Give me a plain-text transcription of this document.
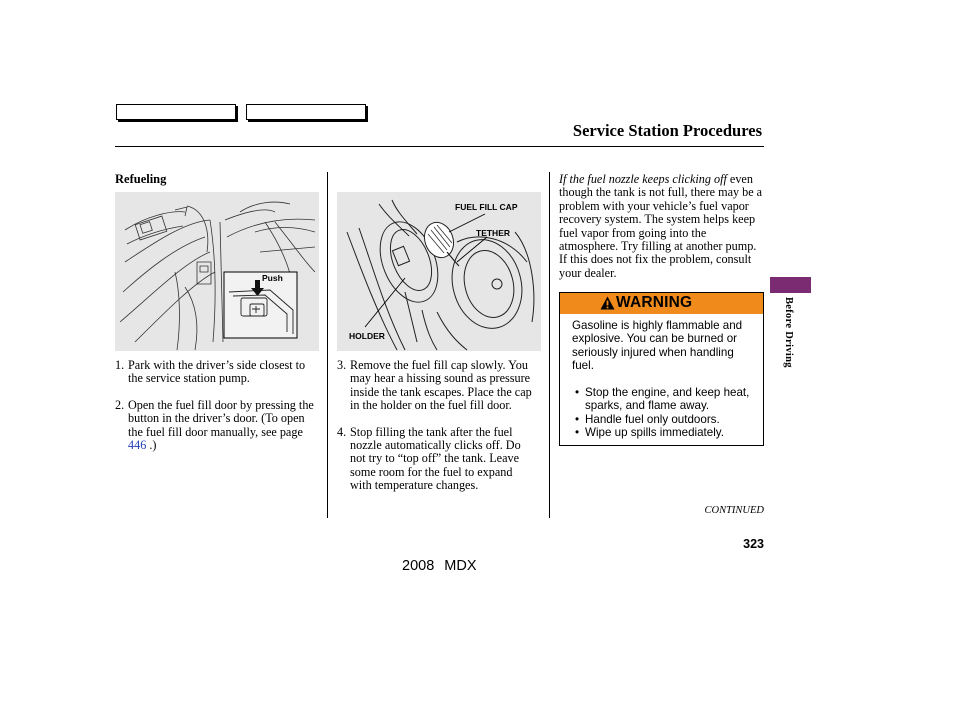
Service Station Procedures
Refueling
Push
FUEL FILL CAP
TETHER
HOLDER

1. Park with the driver’s side closest to the service station pump.

2. Open the fuel fill door by pressing the button in the driver’s door. (To open the fuel fill door manually, see page 446 .)

3. Remove the fuel fill cap slowly. You may hear a hissing sound as pressure inside the tank escapes. Place the cap in the holder on the fuel fill door.

4. Stop filling the tank after the fuel nozzle automatically clicks off. Do not try to “top off” the tank. Leave some room for the fuel to expand with temperature changes.

If the fuel nozzle keeps clicking off even though the tank is not full, there may be a problem with your vehicle’s fuel vapor recovery system. The system helps keep fuel vapor from going into the atmosphere. Try filling at another pump. If this does not fix the problem, consult your dealer.
WARNING
Gasoline is highly flammable and explosive. You can be burned or seriously injured when handling fuel.
• Stop the engine, and keep heat, sparks, and flame away.
• Handle fuel only outdoors.
• Wipe up spills immediately.
Before Driving
CONTINUED
323
2008 MDX
